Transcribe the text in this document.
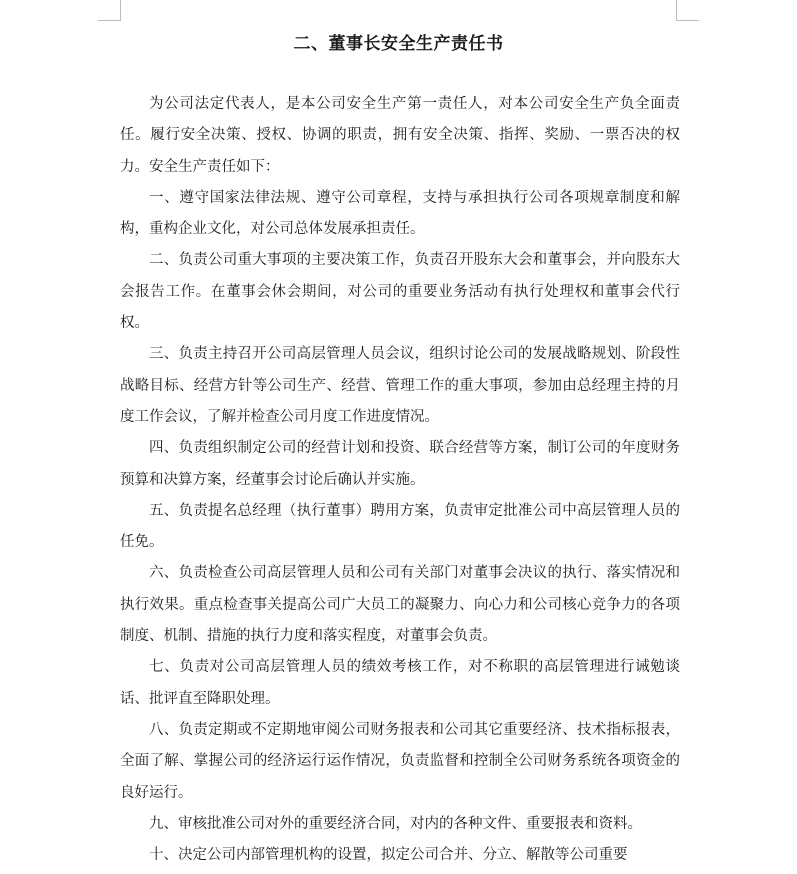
二、董事长安全生产责任书

为公司法定代表人，是本公司安全生产第一责任人，对本公司安全生产负全面责任。履行安全决策、授权、协调的职责，拥有安全决策、指挥、奖励、一票否决的权力。安全生产责任如下：

一、遵守国家法律法规、遵守公司章程，支持与承担执行公司各项规章制度和解构，重构企业文化，对公司总体发展承担责任。

二、负责公司重大事项的主要决策工作，负责召开股东大会和董事会，并向股东大会报告工作。在董事会休会期间，对公司的重要业务活动有执行处理权和董事会代行权。

三、负责主持召开公司高层管理人员会议，组织讨论公司的发展战略规划、阶段性战略目标、经营方针等公司生产、经营、管理工作的重大事项，参加由总经理主持的月度工作会议，了解并检查公司月度工作进度情况。

四、负责组织制定公司的经营计划和投资、联合经营等方案，制订公司的年度财务预算和决算方案，经董事会讨论后确认并实施。

五、负责提名总经理（执行董事）聘用方案，负责审定批准公司中高层管理人员的任免。

六、负责检查公司高层管理人员和公司有关部门对董事会决议的执行、落实情况和执行效果。重点检查事关提高公司广大员工的凝聚力、向心力和公司核心竞争力的各项制度、机制、措施的执行力度和落实程度，对董事会负责。

七、负责对公司高层管理人员的绩效考核工作，对不称职的高层管理进行诫勉谈话、批评直至降职处理。

八、负责定期或不定期地审阅公司财务报表和公司其它重要经济、技术指标报表，全面了解、掌握公司的经济运行运作情况，负责监督和控制全公司财务系统各项资金的良好运行。

九、审核批准公司对外的重要经济合同，对内的各种文件、重要报表和资料。

十、决定公司内部管理机构的设置，拟定公司合并、分立、解散等公司重要
